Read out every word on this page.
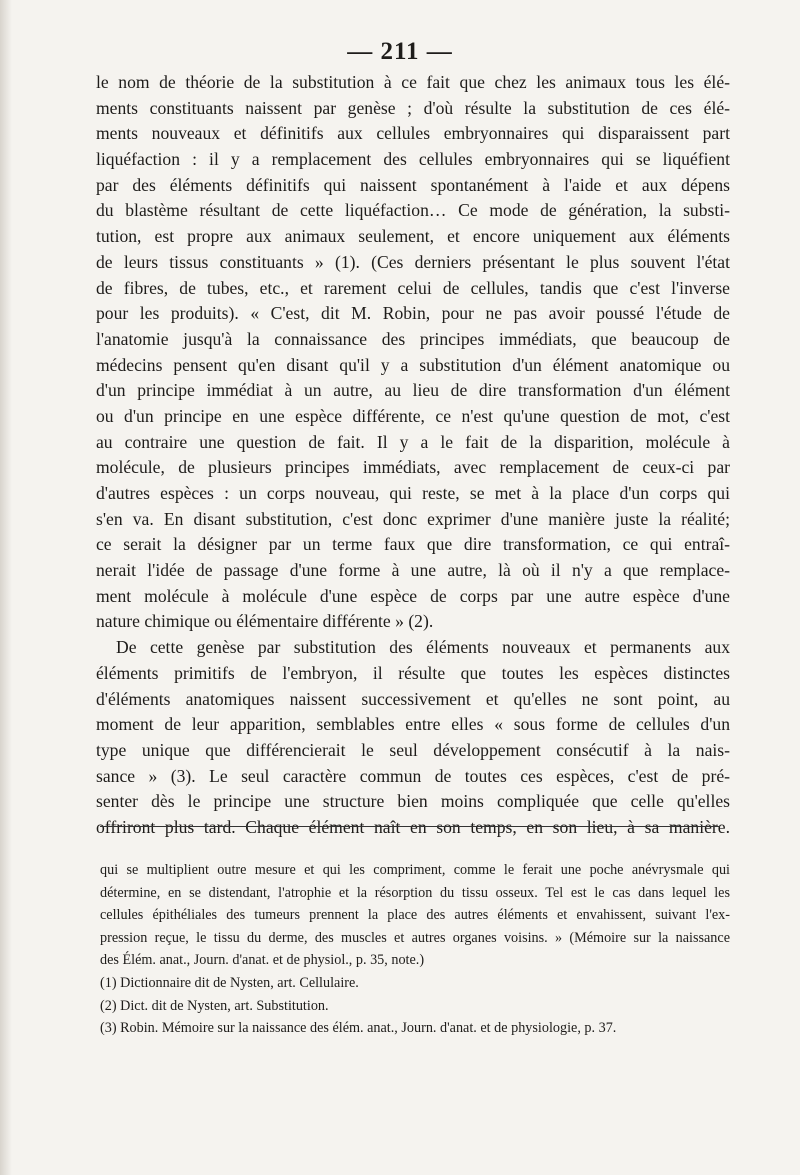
— 211 —
le nom de théorie de la substitution à ce fait que chez les animaux tous les élé-
ments constituants naissent par genèse ; d'où résulte la substitution de ces élé-
ments nouveaux et définitifs aux cellules embryonnaires qui disparaissent part
liquéfaction : il y a remplacement des cellules embryonnaires qui se liquéfient
par des éléments définitifs qui naissent spontanément à l'aide et aux dépens
du blastème résultant de cette liquéfaction… Ce mode de génération, la substi-
tution, est propre aux animaux seulement, et encore uniquement aux éléments
de leurs tissus constituants » (1). (Ces derniers présentant le plus souvent l'état
de fibres, de tubes, etc., et rarement celui de cellules, tandis que c'est l'inverse
pour les produits). « C'est, dit M. Robin, pour ne pas avoir poussé l'étude de
l'anatomie jusqu'à la connaissance des principes immédiats, que beaucoup de
médecins pensent qu'en disant qu'il y a substitution d'un élément anatomique ou
d'un principe immédiat à un autre, au lieu de dire transformation d'un élément
ou d'un principe en une espèce différente, ce n'est qu'une question de mot, c'est
au contraire une question de fait. Il y a le fait de la disparition, molécule à
molécule, de plusieurs principes immédiats, avec remplacement de ceux-ci par
d'autres espèces : un corps nouveau, qui reste, se met à la place d'un corps qui
s'en va. En disant substitution, c'est donc exprimer d'une manière juste la réalité;
ce serait la désigner par un terme faux que dire transformation, ce qui entraî-
nerait l'idée de passage d'une forme à une autre, là où il n'y a que remplace-
ment molécule à molécule d'une espèce de corps par une autre espèce d'une
nature chimique ou élémentaire différente » (2).
De cette genèse par substitution des éléments nouveaux et permanents aux
éléments primitifs de l'embryon, il résulte que toutes les espèces distinctes
d'éléments anatomiques naissent successivement et qu'elles ne sont point, au
moment de leur apparition, semblables entre elles « sous forme de cellules d'un
type unique que différencierait le seul développement consécutif à la nais-
sance » (3). Le seul caractère commun de toutes ces espèces, c'est de pré-
senter dès le principe une structure bien moins compliquée que celle qu'elles
offriront plus tard. Chaque élément naît en son temps, en son lieu, à sa manière.
qui se multiplient outre mesure et qui les compriment, comme le ferait une poche anévrysmale qui
détermine, en se distendant, l'atrophie et la résorption du tissu osseux. Tel est le cas dans lequel les
cellules épithéliales des tumeurs prennent la place des autres éléments et envahissent, suivant l'ex-
pression reçue, le tissu du derme, des muscles et autres organes voisins. » (Mémoire sur la naissance
des Élém. anat., Journ. d'anat. et de physiol., p. 35, note.)
(1) Dictionnaire dit de Nysten, art. Cellulaire.
(2) Dict. dit de Nysten, art. Substitution.
(3) Robin. Mémoire sur la naissance des élém. anat., Journ. d'anat. et de physiologie, p. 37.
